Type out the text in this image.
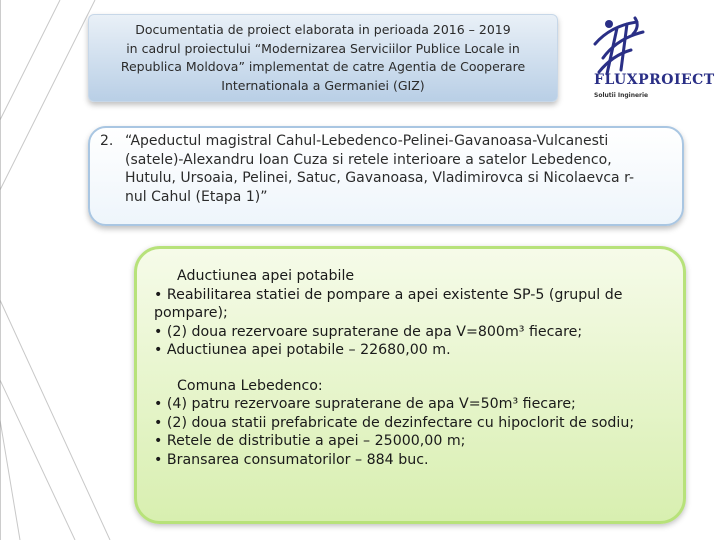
Documentatia de proiect elaborata in perioada 2016 – 2019
in cadrul proiectului “Modernizarea Serviciilor Publice Locale in
Republica Moldova” implementat de catre Agentia de Cooperare
Internationala a Germaniei (GIZ)	FLUXPROIECT
Solutii Inginerie
2. “Apeductul magistral Cahul-Lebedenco-Pelinei-Gavanoasa-Vulcanesti
(satele)-Alexandru Ioan Cuza si retele interioare a satelor Lebedenco,
Hutulu, Ursoaia, Pelinei, Satuc, Gavanoasa, Vladimirovca si Nicolaevca r-
nul Cahul (Etapa 1)”

Aductiunea apei potabile

• Reabilitarea statiei de pompare a apei existente SP-5 (grupul de

pompare);

• (2) doua rezervoare supraterane de apa V=800m³ fiecare;

• Aductiunea apei potabile – 22680,00 m.

Comuna Lebedenco:

• (4) patru rezervoare supraterane de apa V=50m³ fiecare;

• (2) doua statii prefabricate de dezinfectare cu hipoclorit de sodiu;

• Retele de distributie a apei – 25000,00 m;

• Bransarea consumatorilor – 884 buc.
